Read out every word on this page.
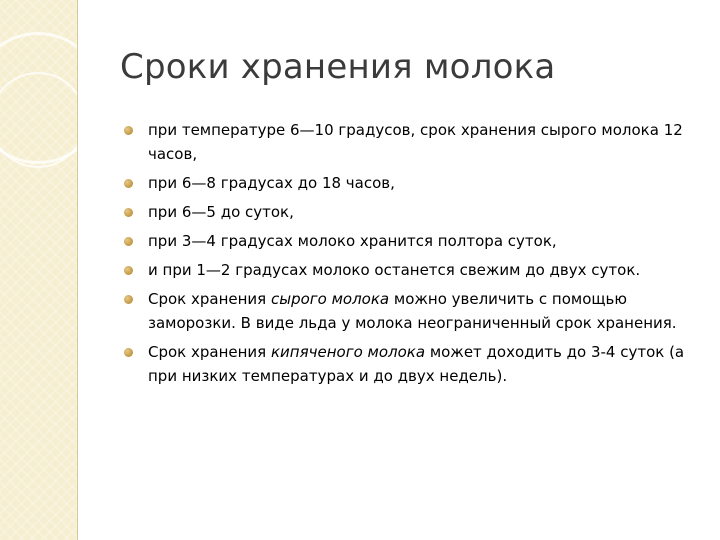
Сроки хранения молока
при температуре 6—10 градусов, срок хранения сырого молока 12 часов,
при 6—8 градусах до 18 часов,
при 6—5 до суток,
при 3—4 градусах молоко хранится полтора суток,
и при 1—2 градусах молоко останется свежим до двух суток.
Срок хранения сырого молока можно увеличить с помощью заморозки. В виде льда у молока неограниченный срок хранения.
Срок хранения кипяченого молока может доходить до 3-4 суток (а при низких температурах и до двух недель).
